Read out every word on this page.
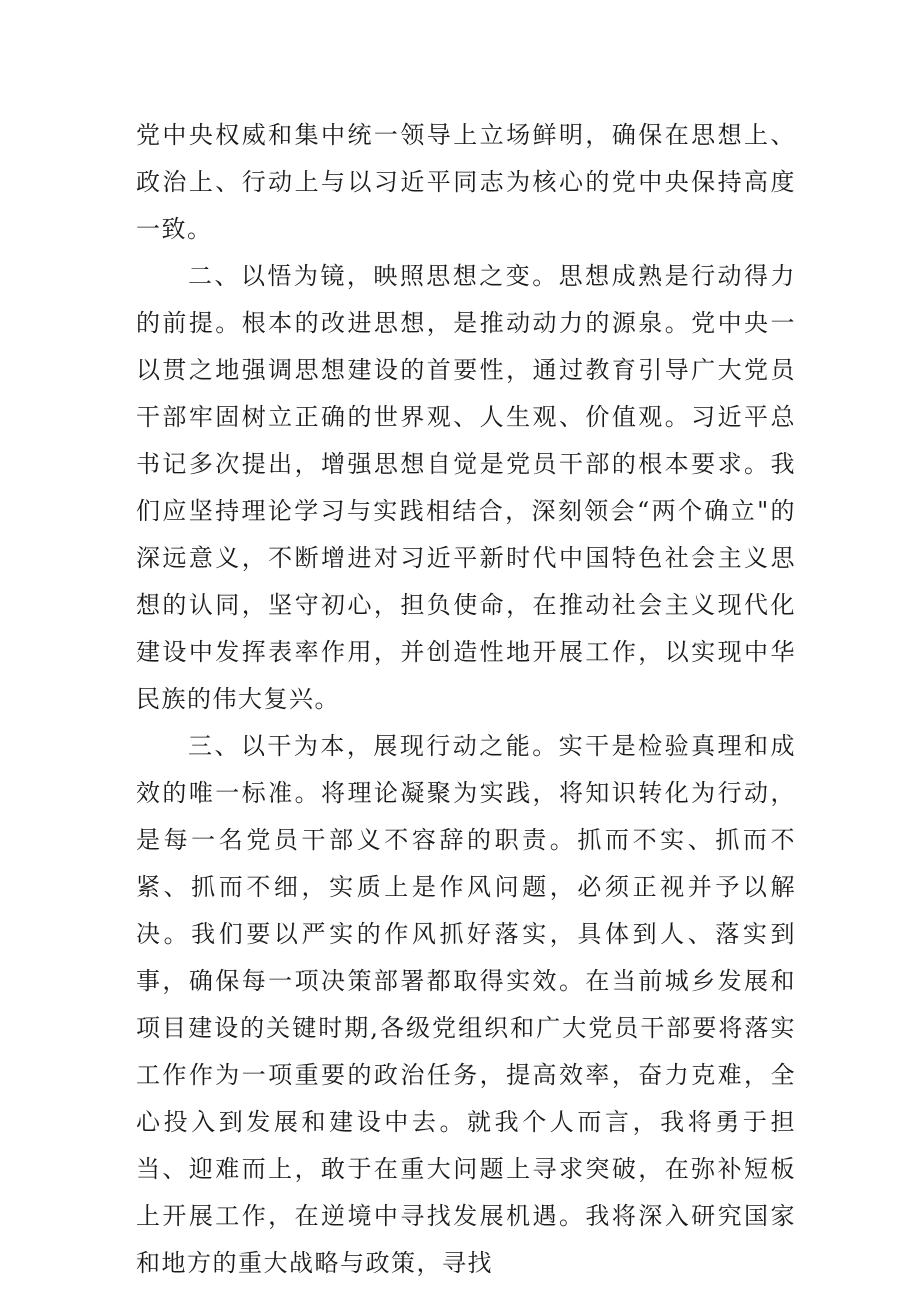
党中央权威和集中统一领导上立场鲜明，确保在思想上、政治上、行动上与以习近平同志为核心的党中央保持高度一致。

二、以悟为镜，映照思想之变。思想成熟是行动得力的前提。根本的改进思想，是推动动力的源泉。党中央一以贯之地强调思想建设的首要性，通过教育引导广大党员干部牢固树立正确的世界观、人生观、价值观。习近平总书记多次提出，增强思想自觉是党员干部的根本要求。我们应坚持理论学习与实践相结合，深刻领会“两个确立"的深远意义，不断增进对习近平新时代中国特色社会主义思想的认同，坚守初心，担负使命，在推动社会主义现代化建设中发挥表率作用，并创造性地开展工作，以实现中华民族的伟大复兴。

三、以干为本，展现行动之能。实干是检验真理和成效的唯一标准。将理论凝聚为实践，将知识转化为行动，是每一名党员干部义不容辞的职责。抓而不实、抓而不紧、抓而不细，实质上是作风问题，必须正视并予以解决。我们要以严实的作风抓好落实，具体到人、落实到事，确保每一项决策部署都取得实效。在当前城乡发展和项目建设的关键时期,各级党组织和广大党员干部要将落实工作作为一项重要的政治任务，提高效率，奋力克难，全心投入到发展和建设中去。就我个人而言，我将勇于担当、迎难而上，敢于在重大问题上寻求突破，在弥补短板上开展工作，在逆境中寻找发展机遇。我将深入研究国家和地方的重大战略与政策，寻找
